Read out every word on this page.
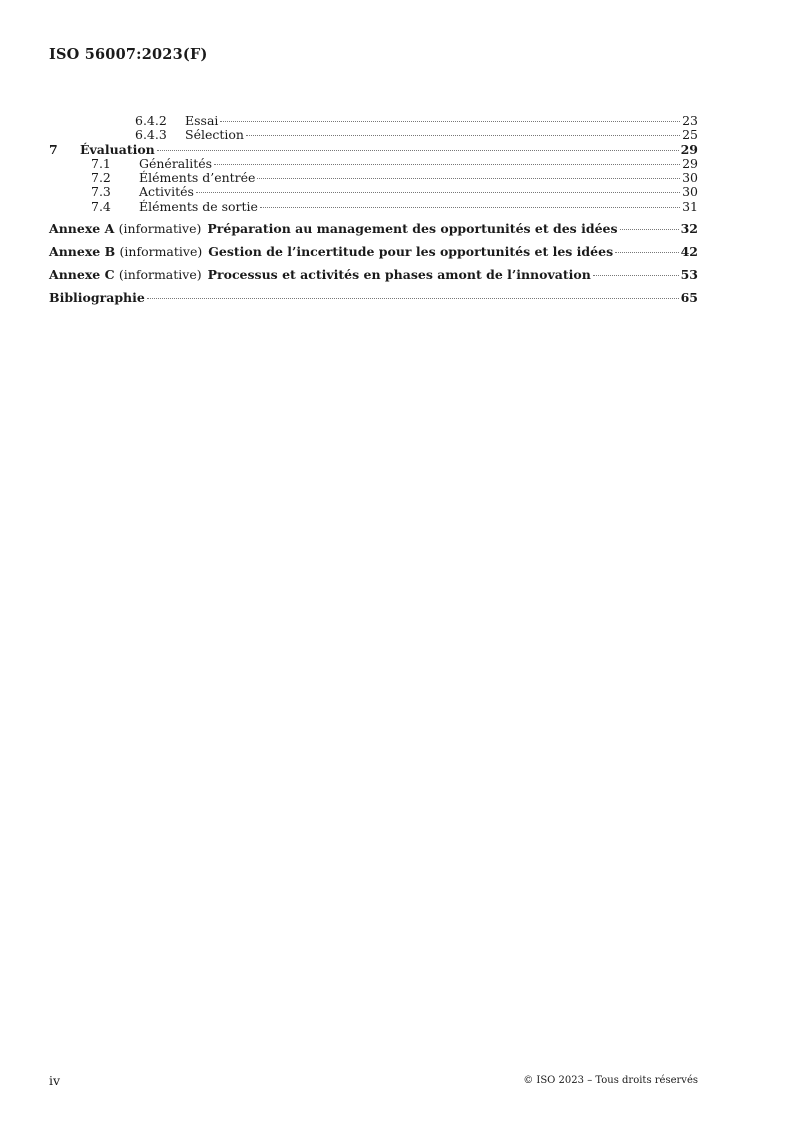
ISO 56007:2023(F)
6.4.2	Essai	23
6.4.3	Sélection	25
7	Évaluation	29
7.1	Généralités	29
7.2	Éléments d’entrée	30
7.3	Activités	30
7.4	Éléments de sortie	31
Annexe A (informative) Préparation au management des opportunités et des idées	32
Annexe B (informative) Gestion de l’incertitude pour les opportunités et les idées	42
Annexe C (informative) Processus et activités en phases amont de l’innovation	53
Bibliographie	65
iv	© ISO 2023 – Tous droits réservés
